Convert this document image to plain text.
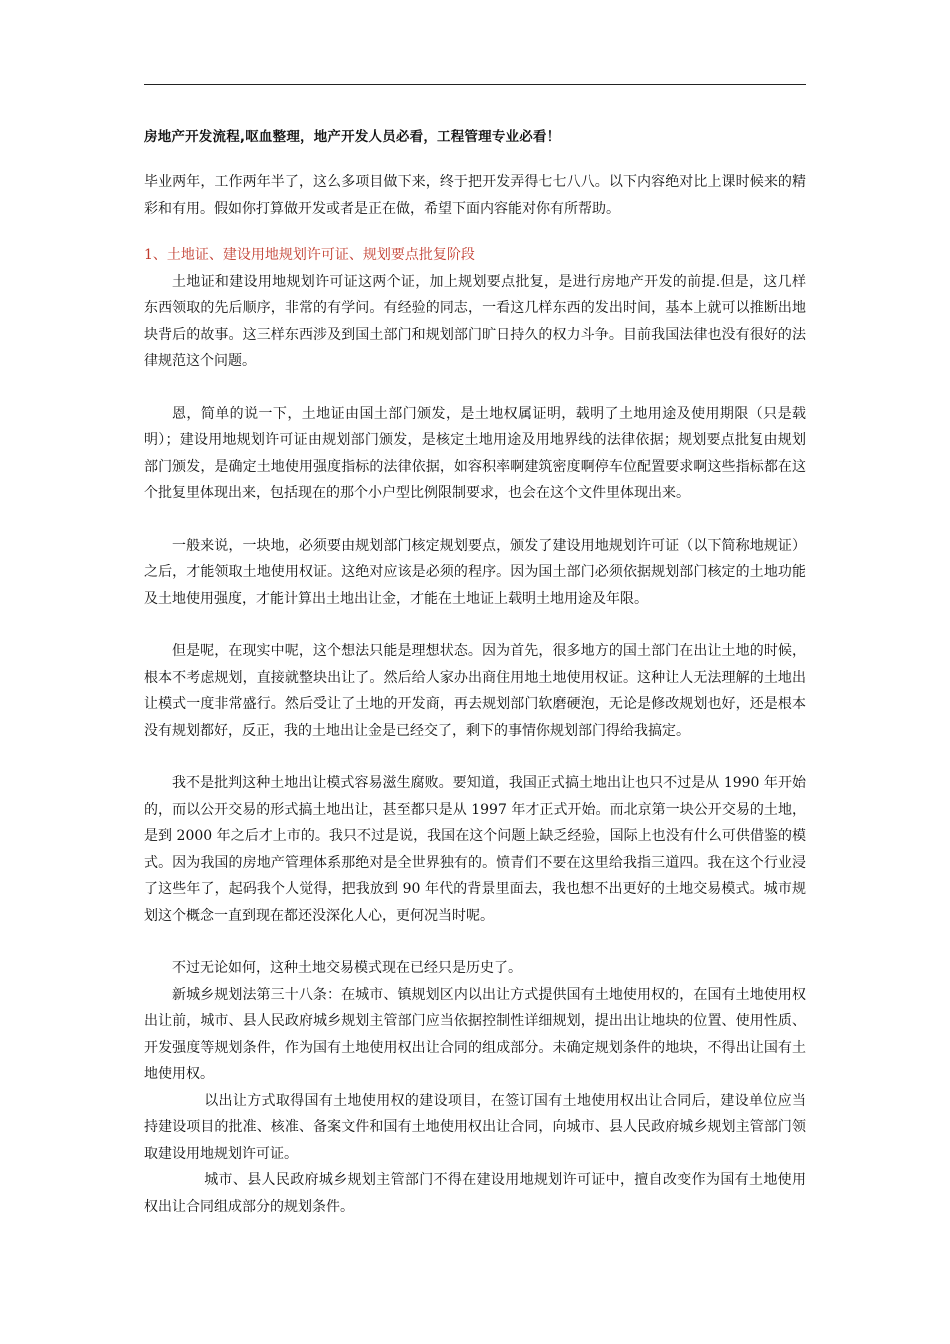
房地产开发流程,呕血整理，地产开发人员必看，工程管理专业必看！

毕业两年，工作两年半了，这么多项目做下来，终于把开发弄得七七八八。以下内容绝对比上课时候来的精彩和有用。假如你打算做开发或者是正在做，希望下面内容能对你有所帮助。

1、土地证、建设用地规划许可证、规划要点批复阶段

土地证和建设用地规划许可证这两个证，加上规划要点批复，是进行房地产开发的前提.但是，这几样东西领取的先后顺序，非常的有学问。有经验的同志，一看这几样东西的发出时间，基本上就可以推断出地块背后的故事。这三样东西涉及到国土部门和规划部门旷日持久的权力斗争。目前我国法律也没有很好的法律规范这个问题。

恩，简单的说一下，土地证由国土部门颁发，是土地权属证明，载明了土地用途及使用期限（只是载明）；建设用地规划许可证由规划部门颁发，是核定土地用途及用地界线的法律依据；规划要点批复由规划部门颁发，是确定土地使用强度指标的法律依据，如容积率啊建筑密度啊停车位配置要求啊这些指标都在这个批复里体现出来，包括现在的那个小户型比例限制要求，也会在这个文件里体现出来。

一般来说，一块地，必须要由规划部门核定规划要点，颁发了建设用地规划许可证（以下简称地规证）之后，才能领取土地使用权证。这绝对应该是必须的程序。因为国土部门必须依据规划部门核定的土地功能及土地使用强度，才能计算出土地出让金，才能在土地证上载明土地用途及年限。

但是呢，在现实中呢，这个想法只能是理想状态。因为首先，很多地方的国土部门在出让土地的时候，根本不考虑规划，直接就整块出让了。然后给人家办出商住用地土地使用权证。这种让人无法理解的土地出让模式一度非常盛行。然后受让了土地的开发商，再去规划部门软磨硬泡，无论是修改规划也好，还是根本没有规划都好，反正，我的土地出让金是已经交了，剩下的事情你规划部门得给我搞定。

我不是批判这种土地出让模式容易滋生腐败。要知道，我国正式搞土地出让也只不过是从 1990 年开始的，而以公开交易的形式搞土地出让，甚至都只是从 1997 年才正式开始。而北京第一块公开交易的土地，是到 2000 年之后才上市的。我只不过是说，我国在这个问题上缺乏经验，国际上也没有什么可供借鉴的模式。因为我国的房地产管理体系那绝对是全世界独有的。愤青们不要在这里给我指三道四。我在这个行业浸了这些年了，起码我个人觉得，把我放到 90 年代的背景里面去，我也想不出更好的土地交易模式。城市规划这个概念一直到现在都还没深化人心，更何况当时呢。

不过无论如何，这种土地交易模式现在已经只是历史了。

新城乡规划法第三十八条：在城市、镇规划区内以出让方式提供国有土地使用权的，在国有土地使用权出让前，城市、县人民政府城乡规划主管部门应当依据控制性详细规划，提出出让地块的位置、使用性质、开发强度等规划条件，作为国有土地使用权出让合同的组成部分。未确定规划条件的地块，不得出让国有土地使用权。

以出让方式取得国有土地使用权的建设项目，在签订国有土地使用权出让合同后，建设单位应当持建设项目的批准、核准、备案文件和国有土地使用权出让合同，向城市、县人民政府城乡规划主管部门领取建设用地规划许可证。

城市、县人民政府城乡规划主管部门不得在建设用地规划许可证中，擅自改变作为国有土地使用权出让合同组成部分的规划条件。
